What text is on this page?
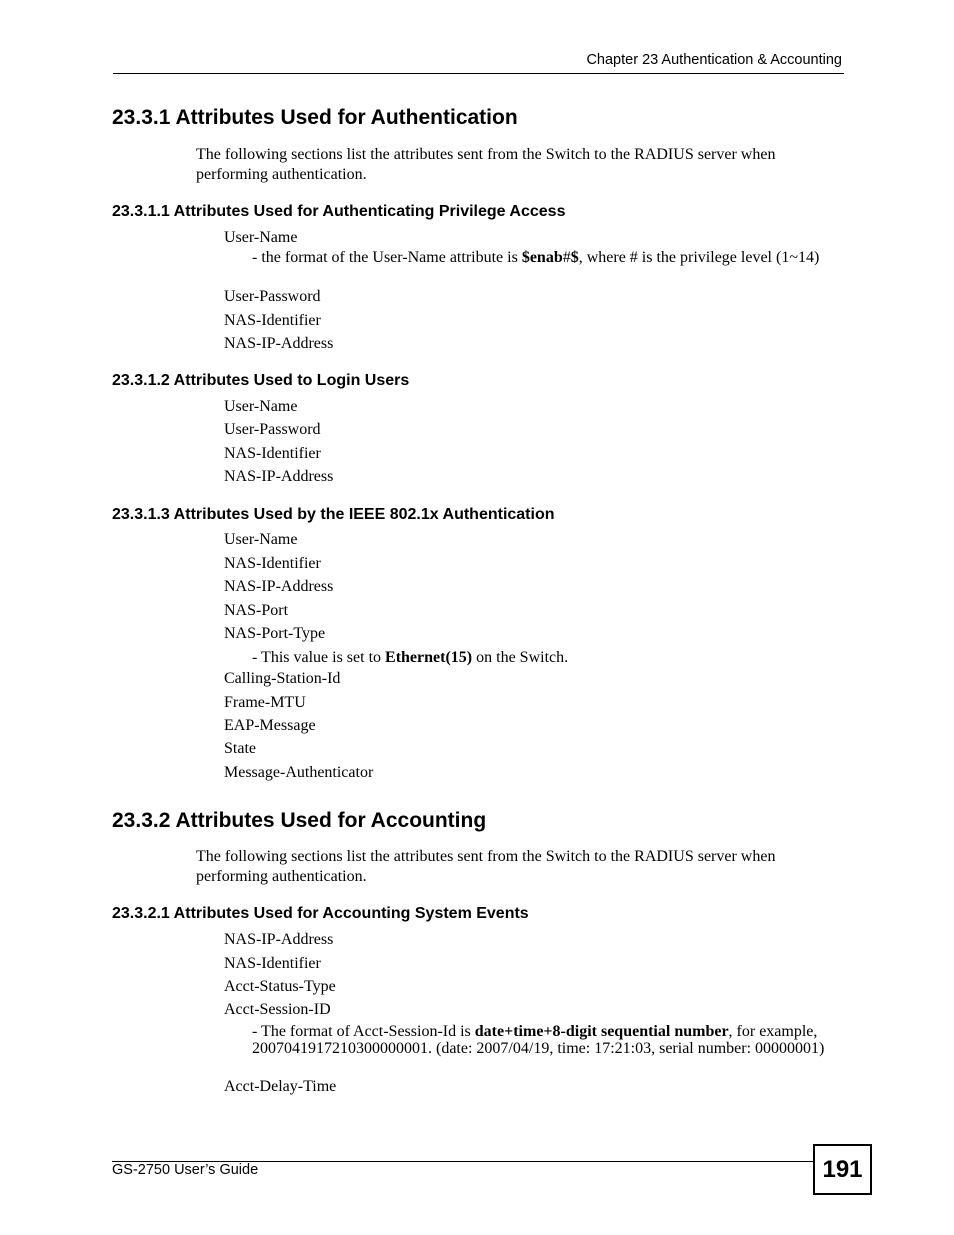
Chapter 23 Authentication & Accounting
23.3.1 Attributes Used for Authentication

The following sections list the attributes sent from the Switch to the RADIUS server when performing authentication.

23.3.1.1 Attributes Used for Authenticating Privilege Access
User-Name
- the format of the User-Name attribute is $enab#$, where # is the privilege level (1~14)
User-Password
NAS-Identifier
NAS-IP-Address
23.3.1.2 Attributes Used to Login Users
User-Name
User-Password
NAS-Identifier
NAS-IP-Address
23.3.1.3 Attributes Used by the IEEE 802.1x Authentication
User-Name
NAS-Identifier
NAS-IP-Address
NAS-Port
NAS-Port-Type
- This value is set to Ethernet(15) on the Switch.
Calling-Station-Id
Frame-MTU
EAP-Message
State
Message-Authenticator
23.3.2 Attributes Used for Accounting

The following sections list the attributes sent from the Switch to the RADIUS server when performing authentication.

23.3.2.1 Attributes Used for Accounting System Events
NAS-IP-Address
NAS-Identifier
Acct-Status-Type
Acct-Session-ID
- The format of Acct-Session-Id is date+time+8-digit sequential number, for example, 2007041917210300000001. (date: 2007/04/19, time: 17:21:03, serial number: 00000001)
Acct-Delay-Time
GS-2750 User’s Guide	191
